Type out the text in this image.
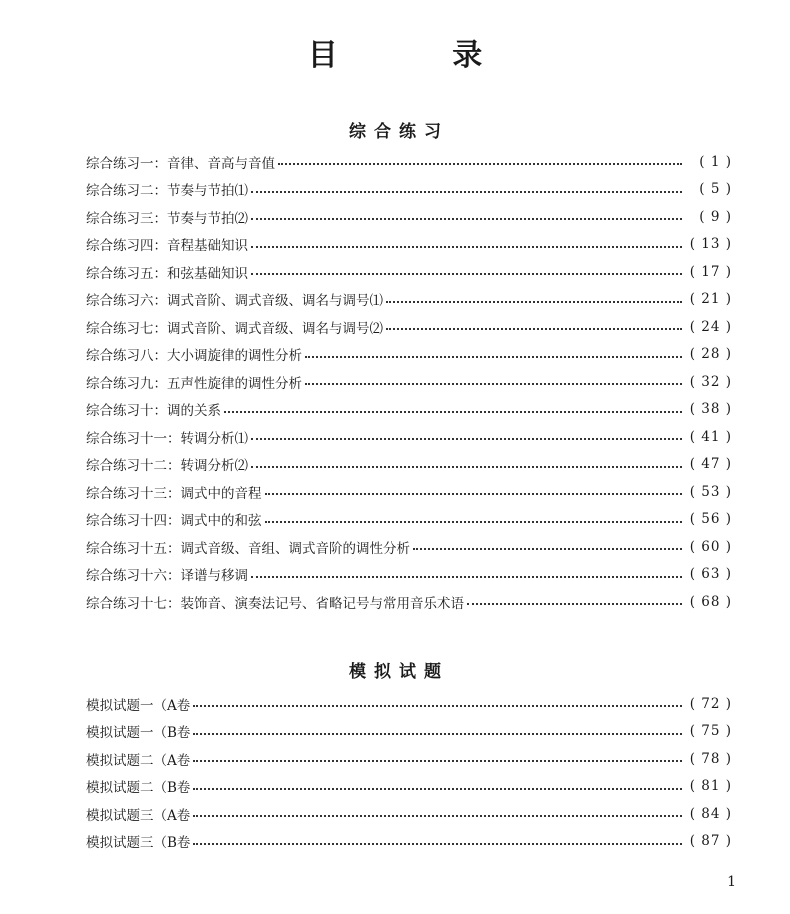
目 录
综合练习
综合练习一：音律、音高与音值	( 1 )
综合练习二：节奏与节拍⑴	( 5 )
综合练习三：节奏与节拍⑵	( 9 )
综合练习四：音程基础知识	( 13 )
综合练习五：和弦基础知识	( 17 )
综合练习六：调式音阶、调式音级、调名与调号⑴	( 21 )
综合练习七：调式音阶、调式音级、调名与调号⑵	( 24 )
综合练习八：大小调旋律的调性分析	( 28 )
综合练习九：五声性旋律的调性分析	( 32 )
综合练习十：调的关系	( 38 )
综合练习十一：转调分析⑴	( 41 )
综合练习十二：转调分析⑵	( 47 )
综合练习十三：调式中的音程	( 53 )
综合练习十四：调式中的和弦	( 56 )
综合练习十五：调式音级、音组、调式音阶的调性分析	( 60 )
综合练习十六：译谱与移调	( 63 )
综合练习十七：装饰音、演奏法记号、省略记号与常用音乐术语	( 68 )
模拟试题
模拟试题一（A卷	( 72 )
模拟试题一（B卷	( 75 )
模拟试题二（A卷	( 78 )
模拟试题二（B卷	( 81 )
模拟试题三（A卷	( 84 )
模拟试题三（B卷	( 87 )
1
